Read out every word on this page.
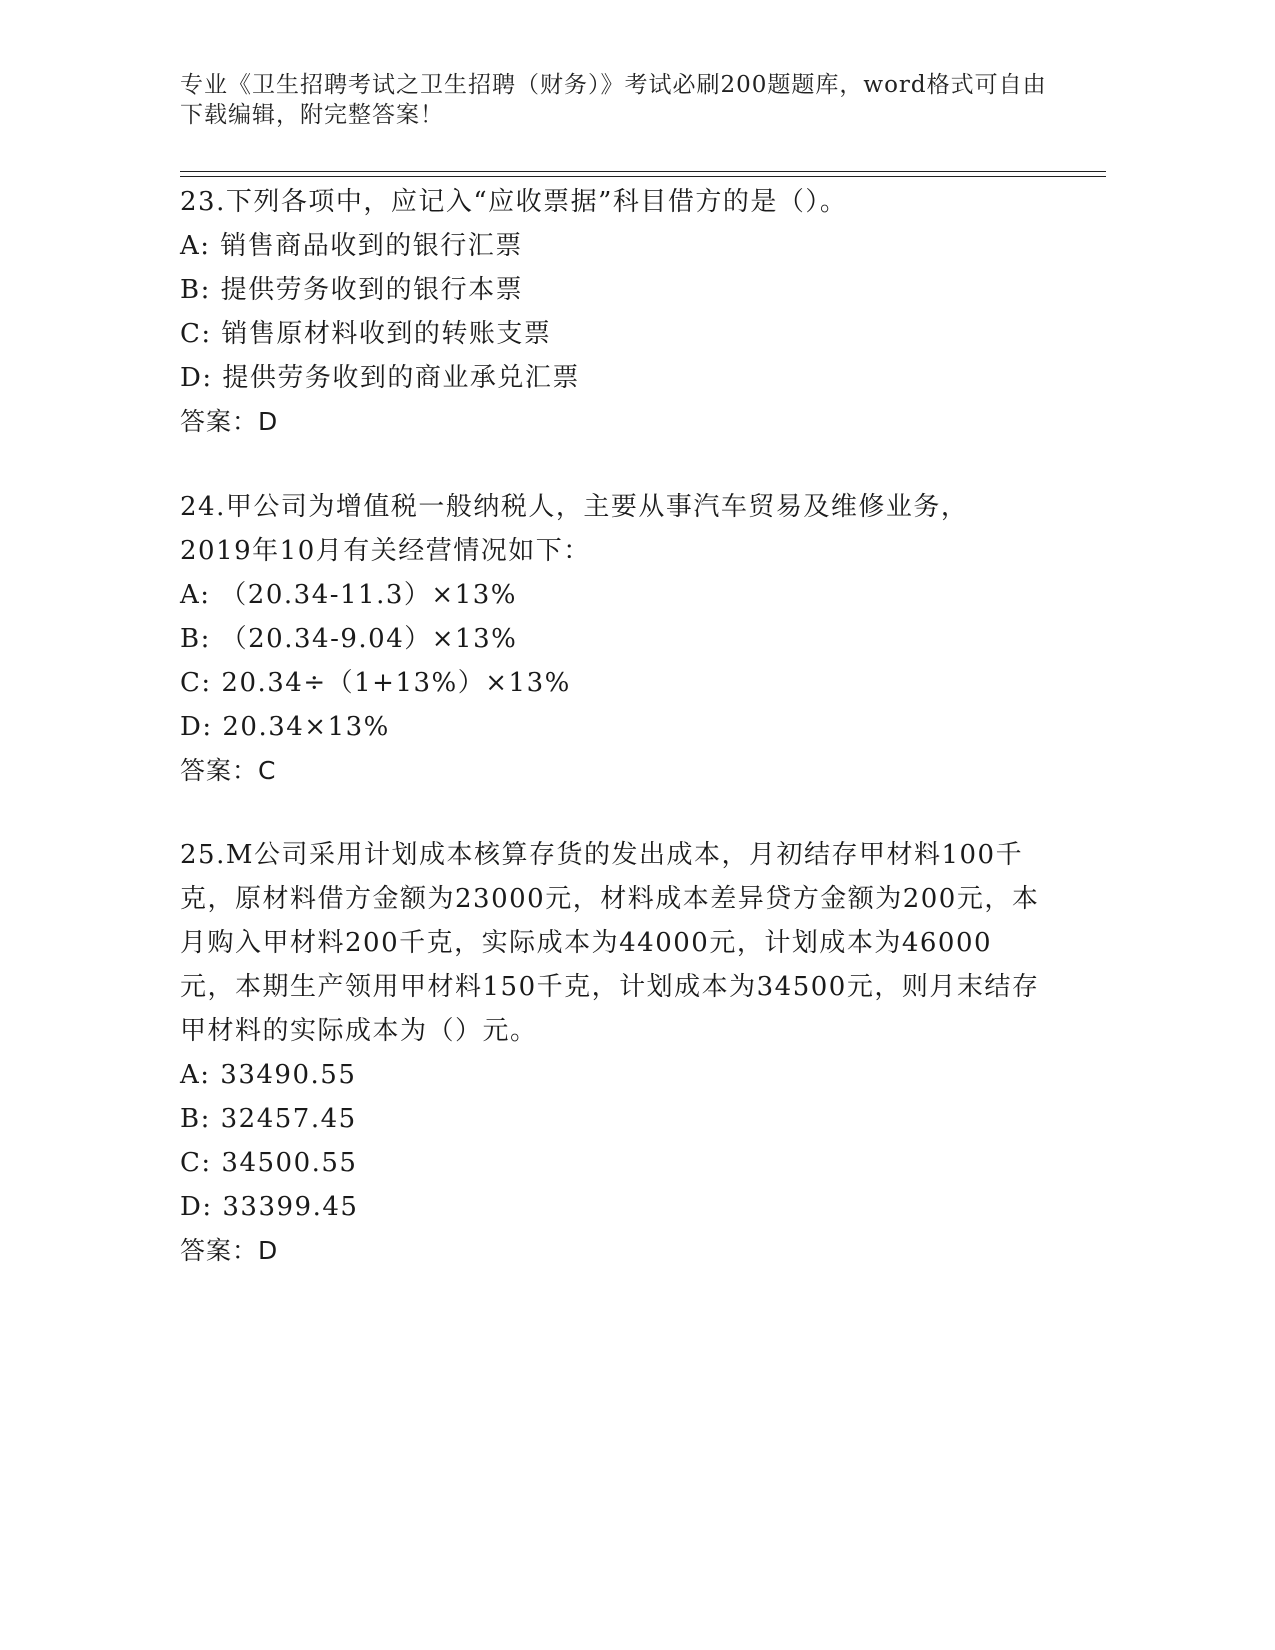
专业《卫生招聘考试之卫生招聘（财务）》考试必刷200题题库，word格式可自由下载编辑，附完整答案！

23.下列各项中，应记入“应收票据”科目借方的是（）。

A: 销售商品收到的银行汇票

B: 提供劳务收到的银行本票

C: 销售原材料收到的转账支票

D: 提供劳务收到的商业承兑汇票

答案：D

24.甲公司为增值税一般纳税人，主要从事汽车贸易及维修业务，2019年10月有关经营情况如下：

A: （20.34-11.3）×13%

B: （20.34-9.04）×13%

C: 20.34÷（1+13%）×13%

D: 20.34×13%

答案：C

25.M公司采用计划成本核算存货的发出成本，月初结存甲材料100千克，原材料借方金额为23000元，材料成本差异贷方金额为200元，本月购入甲材料200千克，实际成本为44000元，计划成本为46000元，本期生产领用甲材料150千克，计划成本为34500元，则月末结存甲材料的实际成本为（）元。

A: 33490.55

B: 32457.45

C: 34500.55

D: 33399.45

答案：D
